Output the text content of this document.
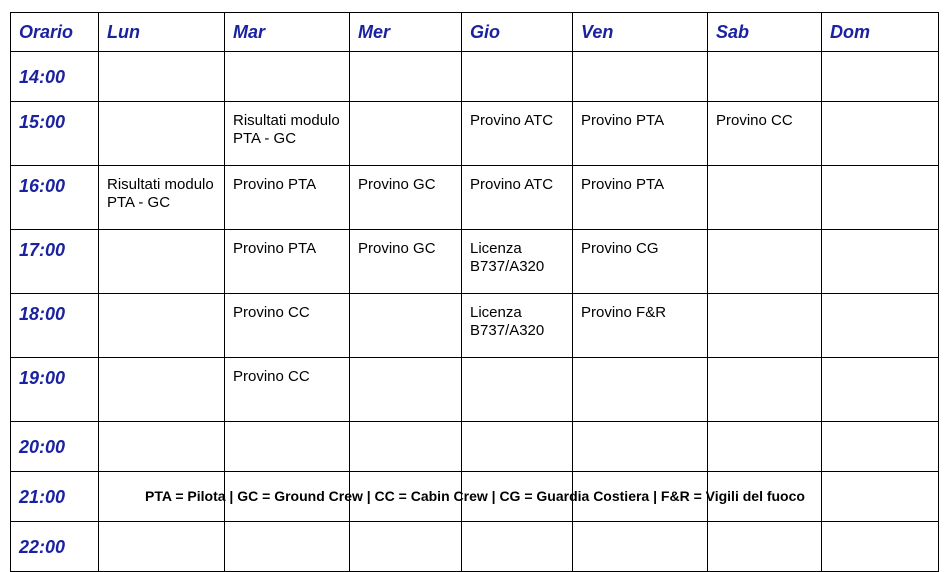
Orario	Lun	Mar	Mer	Gio	Ven	Sab	Dom
14:00							
15:00		Risultati modulo PTA - GC		Provino ATC	Provino PTA	Provino CC	
16:00	Risultati modulo PTA - GC	Provino PTA	Provino GC	Provino ATC	Provino PTA		
17:00		Provino PTA	Provino GC	Licenza B737/A320	Provino CG		
18:00		Provino CC		Licenza B737/A320	Provino F&R		
19:00		Provino CC					
20:00							
21:00							
22:00							
PTA = Pilota | GC = Ground Crew | CC = Cabin Crew | CG = Guardia Costiera | F&R = Vigili del fuoco
